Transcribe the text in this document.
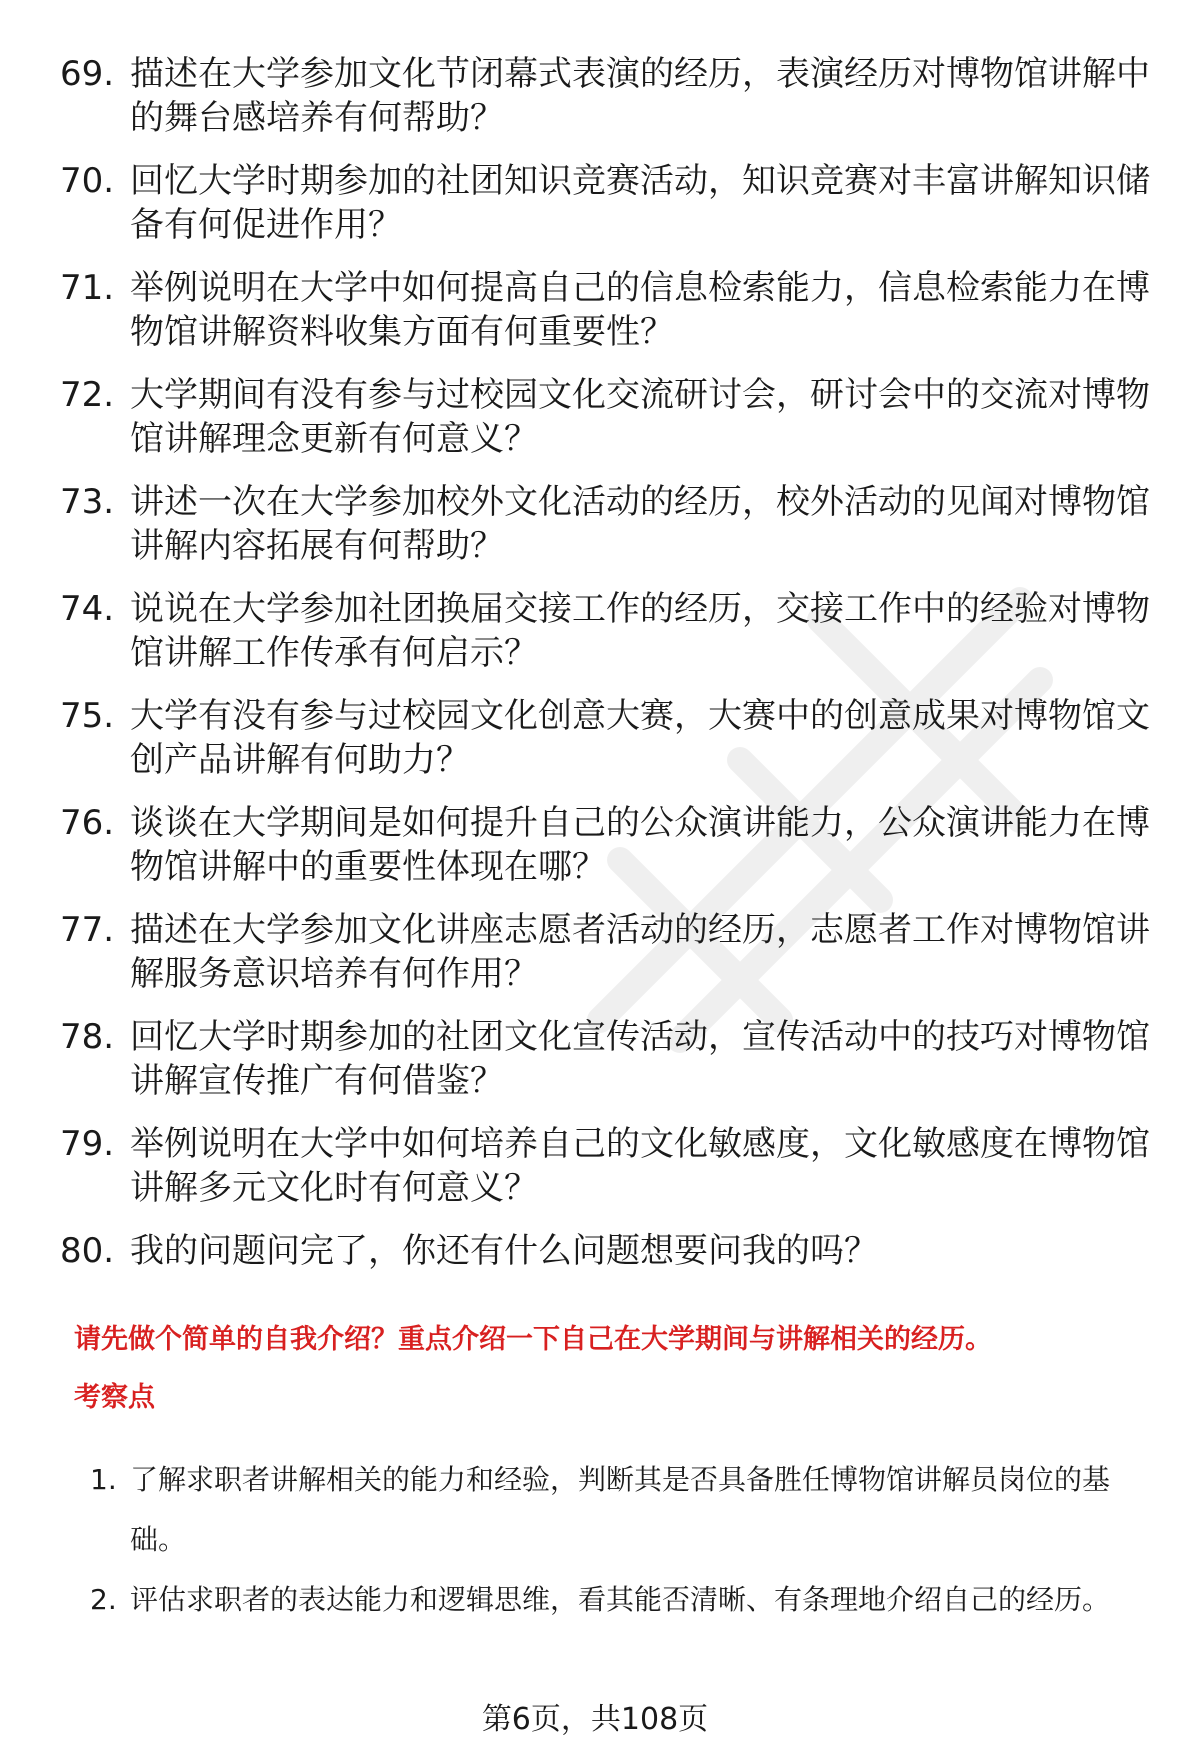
69. 描述在大学参加文化节闭幕式表演的经历，表演经历对博物馆讲解中的舞台感培养有何帮助？
70. 回忆大学时期参加的社团知识竞赛活动，知识竞赛对丰富讲解知识储备有何促进作用？
71. 举例说明在大学中如何提高自己的信息检索能力，信息检索能力在博物馆讲解资料收集方面有何重要性？
72. 大学期间有没有参与过校园文化交流研讨会，研讨会中的交流对博物馆讲解理念更新有何意义？
73. 讲述一次在大学参加校外文化活动的经历，校外活动的见闻对博物馆讲解内容拓展有何帮助？
74. 说说在大学参加社团换届交接工作的经历，交接工作中的经验对博物馆讲解工作传承有何启示？
75. 大学有没有参与过校园文化创意大赛，大赛中的创意成果对博物馆文创产品讲解有何助力？
76. 谈谈在大学期间是如何提升自己的公众演讲能力，公众演讲能力在博物馆讲解中的重要性体现在哪？
77. 描述在大学参加文化讲座志愿者活动的经历，志愿者工作对博物馆讲解服务意识培养有何作用？
78. 回忆大学时期参加的社团文化宣传活动，宣传活动中的技巧对博物馆讲解宣传推广有何借鉴？
79. 举例说明在大学中如何培养自己的文化敏感度，文化敏感度在博物馆讲解多元文化时有何意义？
80. 我的问题问完了，你还有什么问题想要问我的吗？
请先做个简单的自我介绍？重点介绍一下自己在大学期间与讲解相关的经历。
考察点
1. 了解求职者讲解相关的能力和经验，判断其是否具备胜任博物馆讲解员岗位的基础。
2. 评估求职者的表达能力和逻辑思维，看其能否清晰、有条理地介绍自己的经历。
第6页，共108页
